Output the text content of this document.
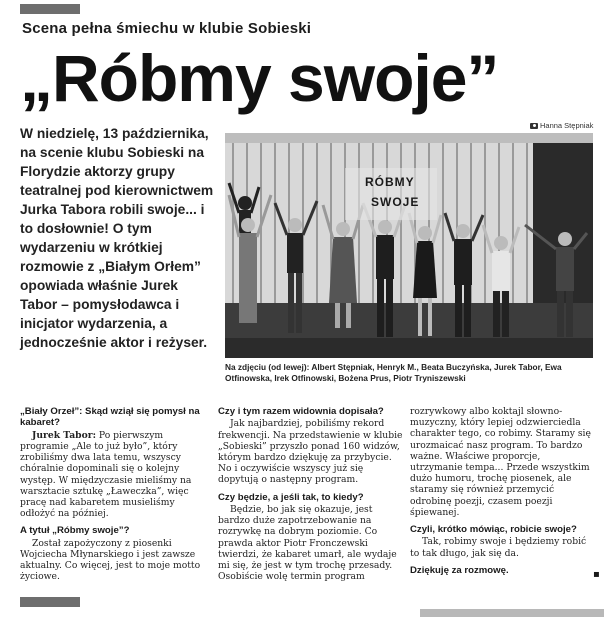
Scena pełna śmiechu w klubie Sobieski
„Róbmy swoje”
W niedzielę, 13 października, na scenie klubu Sobieski na Florydzie aktorzy grupy teatralnej pod kierownictwem Jurka Tabora robili swoje... i to dosłownie! O tym wydarzeniu w krótkiej rozmowie z „Białym Orłem” opowiada właśnie Jurek Tabor – pomysłodawca i inicjator wydarzenia, a jednocześnie aktor i reżyser.
Hanna Stępniak
RÓBMY
SWOJE
Na zdjęciu (od lewej): Albert Stępniak, Henryk M., Beata Buczyńska, Jurek Tabor, Ewa Otfinowska, Irek Otfinowski, Bożena Prus, Piotr Tryniszewski
„Biały Orzeł”: Skąd wziął się pomysł na kabaret?

Jurek Tabor: Po pierwszym programie „Ale to już było”, który zrobiliśmy dwa lata temu, wszyscy chóralnie dopominali się o kolejny występ. W międzyczasie mieliśmy na warsztacie sztukę „Ławeczka”, więc pracę nad kabaretem musieliśmy odłożyć na później.

A tytuł „Róbmy swoje”?

Został zapożyczony z piosenki Wojciecha Młynarskiego i jest zawsze aktualny. Co więcej, jest to moje motto życiowe.

Czy i tym razem widownia dopisała?

Jak najbardziej, pobiliśmy rekord frekwencji. Na przedstawienie w klubie „Sobieski” przyszło ponad 160 widzów, którym bardzo dziękuję za przybycie. No i oczywiście wszyscy już się dopytują o następny program.

Czy będzie, a jeśli tak, to kiedy?

Będzie, bo jak się okazuje, jest bardzo duże zapotrzebowanie na rozrywkę na dobrym poziomie. Co prawda aktor Piotr Fronczewski twierdzi, że kabaret umarł, ale wydaje mi się, że jest w tym trochę przesady. Osobiście wolę termin program

rozrywkowy albo koktajl słowno-muzyczny, który lepiej odzwierciedla charakter tego, co robimy. Staramy się urozmaicać nasz program. To bardzo ważne. Właściwe proporcje, utrzymanie tempa... Przede wszystkim dużo humoru, trochę piosenek, ale staramy się również przemycić odrobinę poezji, czasem poezji śpiewanej.

Czyli, krótko mówiąc, robicie swoje?

Tak, robimy swoje i będziemy robić to tak długo, jak się da.

Dziękuję za rozmowę.	▪
